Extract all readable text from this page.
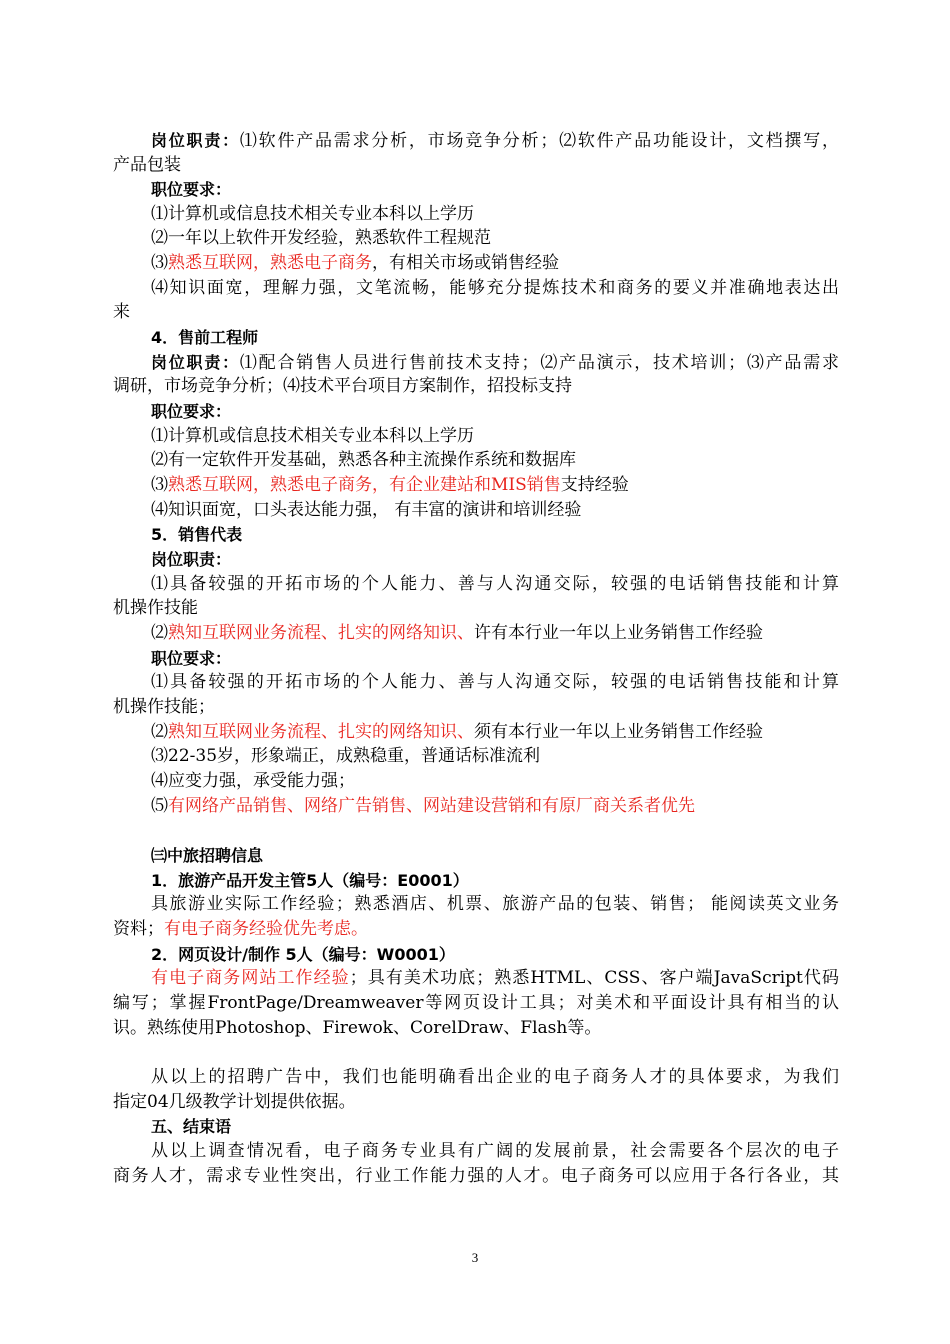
岗位职责：⑴软件产品需求分析，市场竞争分析；⑵软件产品功能设计，文档撰写，
产品包装
职位要求：
⑴计算机或信息技术相关专业本科以上学历
⑵一年以上软件开发经验，熟悉软件工程规范
⑶熟悉互联网，熟悉电子商务，有相关市场或销售经验
⑷知识面宽，理解力强，文笔流畅，能够充分提炼技术和商务的要义并准确地表达出
来
4．售前工程师
岗位职责：⑴配合销售人员进行售前技术支持；⑵产品演示，技术培训；⑶产品需求
调研，市场竞争分析；⑷技术平台项目方案制作，招投标支持
职位要求：
⑴计算机或信息技术相关专业本科以上学历
⑵有一定软件开发基础，熟悉各种主流操作系统和数据库
⑶熟悉互联网，熟悉电子商务，有企业建站和MIS销售支持经验
⑷知识面宽，口头表达能力强， 有丰富的演讲和培训经验
5．销售代表
岗位职责：
⑴具备较强的开拓市场的个人能力、善与人沟通交际，较强的电话销售技能和计算
机操作技能
⑵熟知互联网业务流程、扎实的网络知识、许有本行业一年以上业务销售工作经验
职位要求：
⑴具备较强的开拓市场的个人能力、善与人沟通交际，较强的电话销售技能和计算
机操作技能；
⑵熟知互联网业务流程、扎实的网络知识、须有本行业一年以上业务销售工作经验
⑶22-35岁，形象端正，成熟稳重，普通话标准流利
⑷应变力强，承受能力强；
⑸有网络产品销售、网络广告销售、网站建设营销和有原厂商关系者优先
㈢中旅招聘信息
1．旅游产品开发主管5人（编号：E0001）
具旅游业实际工作经验；熟悉酒店、机票、旅游产品的包装、销售； 能阅读英文业务
资料；有电子商务经验优先考虑。
2．网页设计/制作 5人（编号：W0001）
有电子商务网站工作经验；具有美术功底；熟悉HTML、CSS、客户端JavaScript代码
编写；掌握FrontPage/Dreamweaver等网页设计工具；对美术和平面设计具有相当的认
识。熟练使用Photoshop、Firewok、CorelDraw、Flash等。
从以上的招聘广告中，我们也能明确看出企业的电子商务人才的具体要求，为我们
指定04几级教学计划提供依据。
五、结束语
从以上调查情况看，电子商务专业具有广阔的发展前景，社会需要各个层次的电子
商务人才，需求专业性突出，行业工作能力强的人才。电子商务可以应用于各行各业，其
3
